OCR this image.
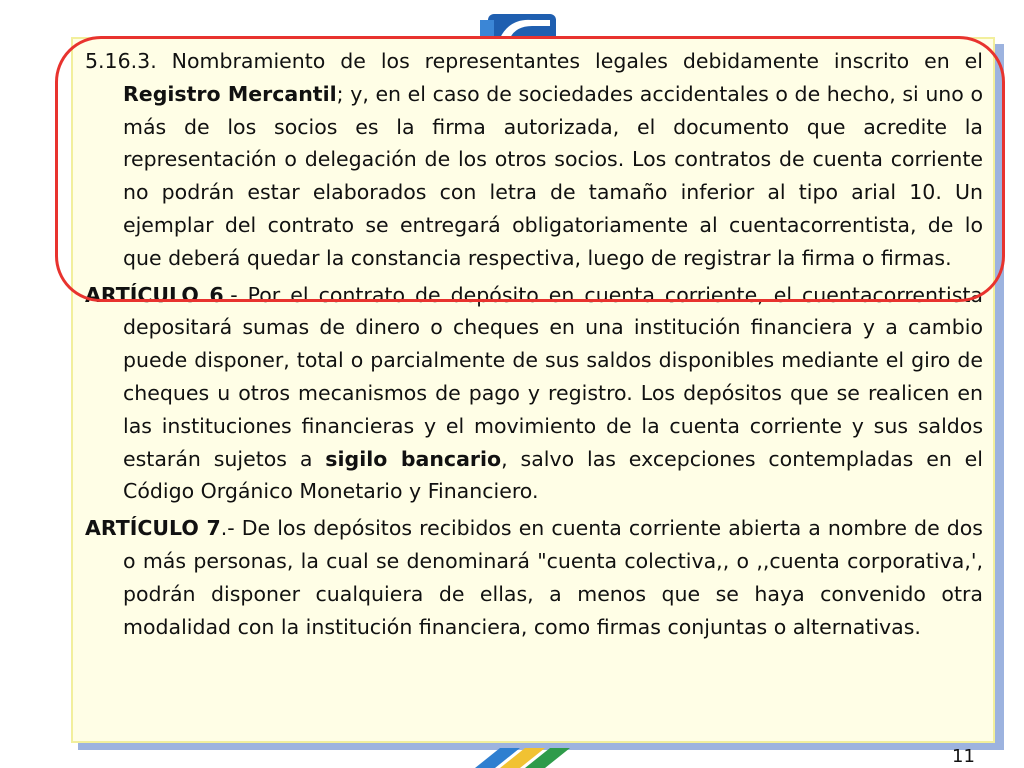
5.16.3. Nombramiento de los representantes legales debidamente inscrito en el Registro Mercantil; y, en el caso de sociedades accidentales o de hecho, si uno o más de los socios es la firma autorizada, el documento que acredite la representación o delegación de los otros socios. Los contratos de cuenta corriente no podrán estar elaborados con letra de tamaño inferior al tipo arial 10. Un ejemplar del contrato se entregará obligatoriamente al cuentacorrentista, de lo que deberá quedar la constancia respectiva, luego de registrar la firma o firmas.

ARTÍCULO 6.- Por el contrato de depósito en cuenta corriente, el cuentacorrentista depositará sumas de dinero o cheques en una institución financiera y a cambio puede disponer, total o parcialmente de sus saldos disponibles mediante el giro de cheques u otros mecanismos de pago y registro. Los depósitos que se realicen en las instituciones financieras y el movimiento de la cuenta corriente y sus saldos estarán sujetos a sigilo bancario, salvo las excepciones contempladas en el Código Orgánico Monetario y Financiero.

ARTÍCULO 7.- De los depósitos recibidos en cuenta corriente abierta a nombre de dos o más personas, la cual se denominará "cuenta colectiva,, o ,,cuenta corporativa,', podrán disponer cualquiera de ellas, a menos que se haya convenido otra modalidad con la institución financiera, como firmas conjuntas o alternativas.

11
